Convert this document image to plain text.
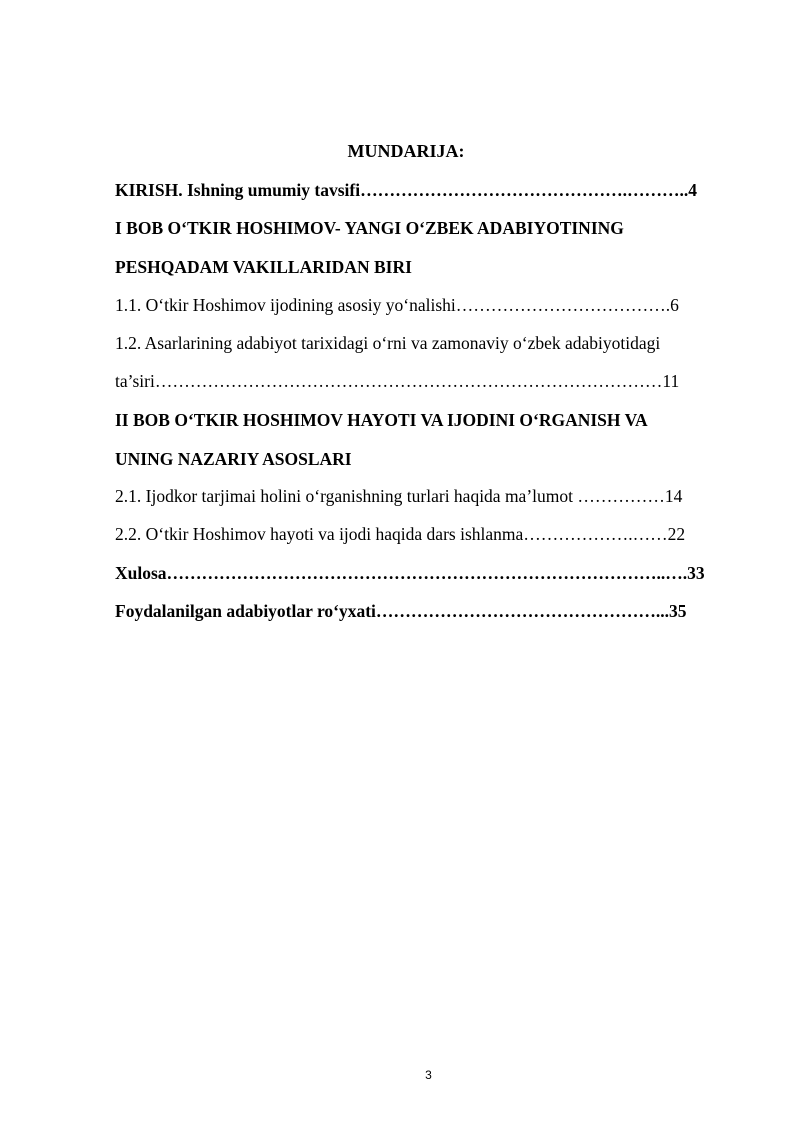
MUNDARIJA:
KIRISH. Ishning umumiy tavsifi……………………………………….………..4
I BOB O‘TKIR HOSHIMOV- YANGI O‘ZBEK ADABIYOTINING
PESHQADAM VAKILLARIDAN BIRI
1.1. O‘tkir Hoshimov ijodining asosiy yo‘nalishi……………………………….6
1.2. Asarlarining adabiyot tarixidagi o‘rni va zamonaviy o‘zbek adabiyotidagi
ta’siri……………………………………………………………………………11
II BOB O‘TKIR HOSHIMOV HAYOTI VA IJODINI O‘RGANISH VA
UNING NAZARIY ASOSLARI
2.1. Ijodkor tarjimai holini o‘rganishning turlari haqida ma’lumot ……………14
2.2. O‘tkir Hoshimov hayoti va ijodi haqida dars ishlanma……………….……22
Xulosa…………………………………………………………………………..….33
Foydalanilgan adabiyotlar ro‘yxati…………………………………………...35
3
